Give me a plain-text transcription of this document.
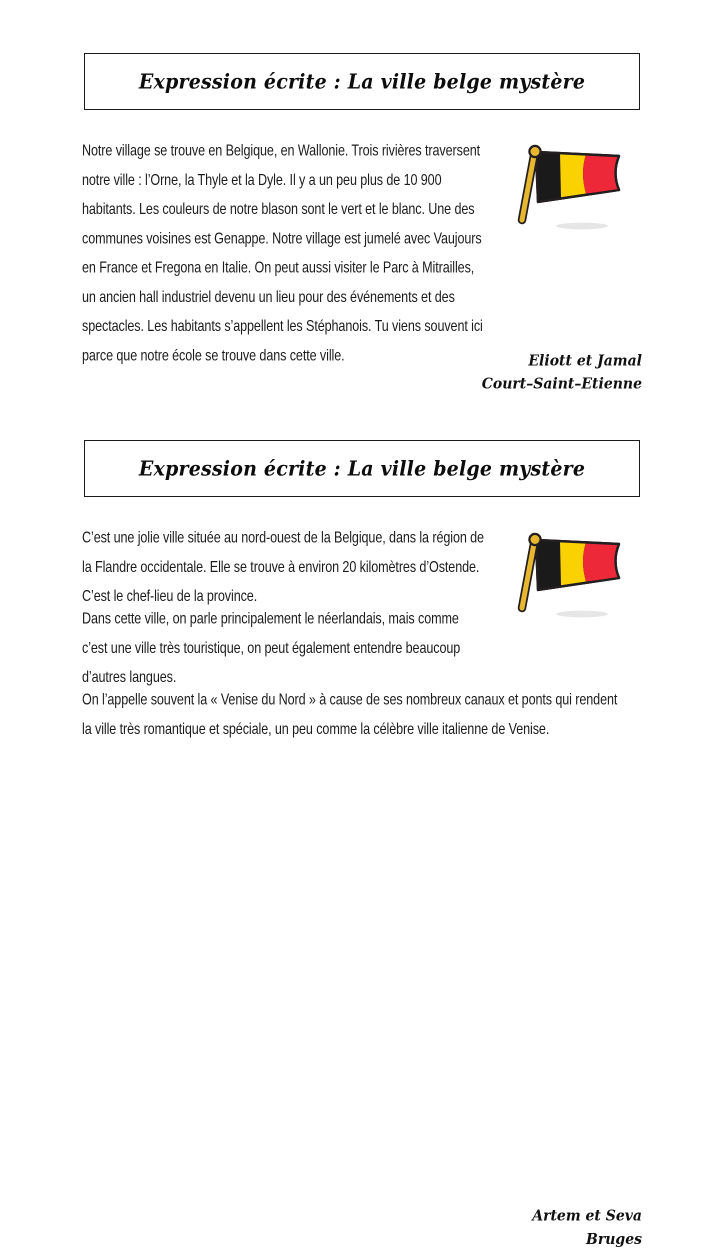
Expression écrite : La ville belge mystère

Notre village se trouve en Belgique, en Wallonie. Trois rivières traversent notre ville : l’Orne, la Thyle et la Dyle. Il y a un peu plus de 10 900 habitants. Les couleurs de notre blason sont le vert et le blanc. Une des communes voisines est Genappe. Notre village est jumelé avec Vaujours en France et Fregona en Italie. On peut aussi visiter le Parc à Mitrailles, un ancien hall industriel devenu un lieu pour des événements et des spectacles. Les habitants s’appellent les Stéphanois. Tu viens souvent ici parce que notre école se trouve dans cette ville.	Eliott et Jamal
Court–Saint–Etienne
Expression écrite : La ville belge mystère

C’est une jolie ville située au nord-ouest de la Belgique, dans la région de la Flandre occidentale. Elle se trouve à environ 20 kilomètres d’Ostende. C’est le chef-lieu de la province.

Dans cette ville, on parle principalement le néerlandais, mais comme c’est une ville très touristique, on peut également entendre beaucoup d’autres langues.

On l’appelle souvent la « Venise du Nord » à cause de ses nombreux canaux et ponts qui rendent la ville très romantique et spéciale, un peu comme la célèbre ville italienne de Venise.

Artem et Seva
Bruges
